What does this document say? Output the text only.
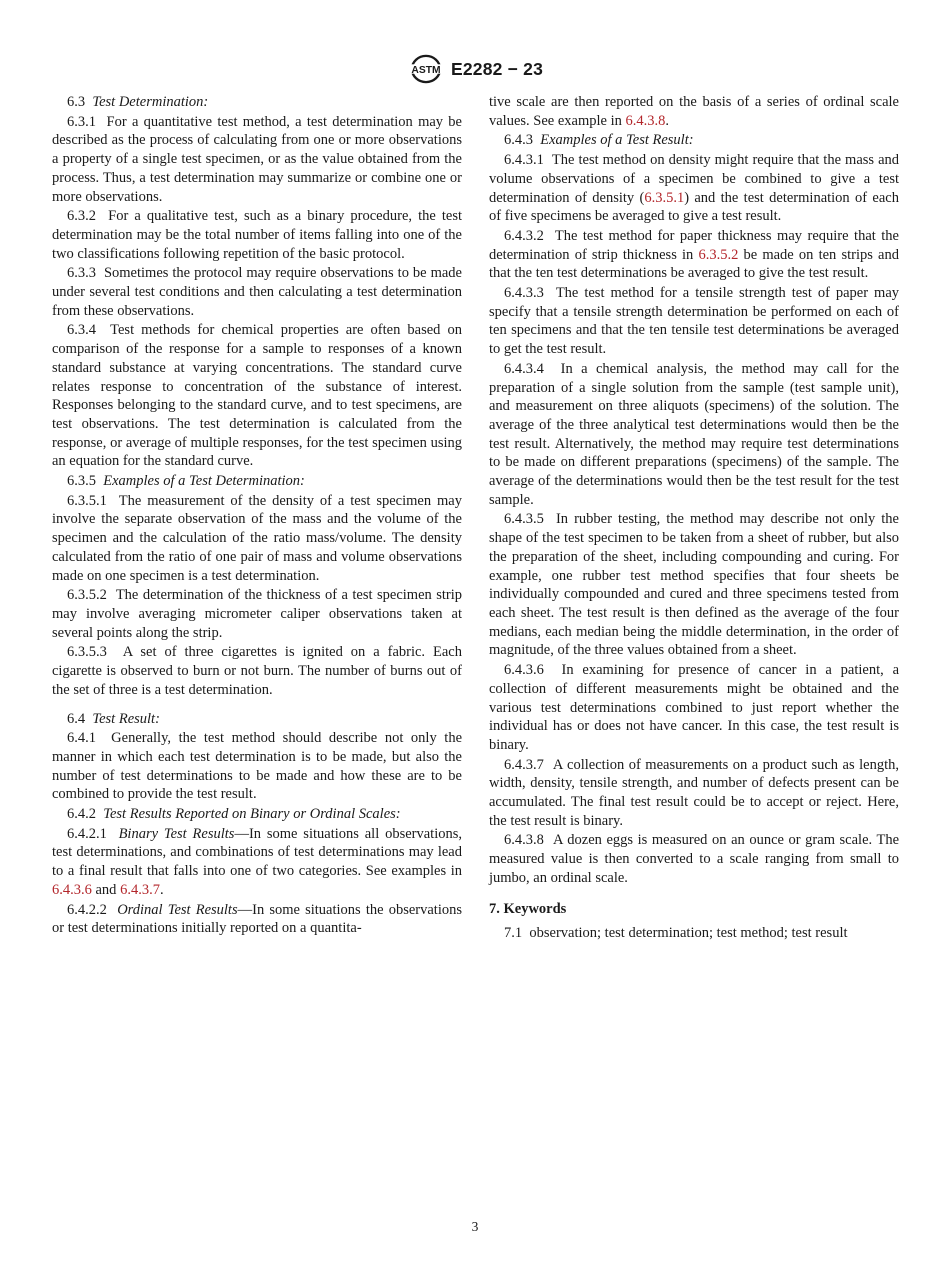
ASTM E2282 − 23

6.3 Test Determination:

6.3.1 For a quantitative test method, a test determination may be described as the process of calculating from one or more observations a property of a single test specimen, or as the value obtained from the process. Thus, a test determination may summarize or combine one or more observations.

6.3.2 For a qualitative test, such as a binary procedure, the test determination may be the total number of items falling into one of the two classifications following repetition of the basic protocol.

6.3.3 Sometimes the protocol may require observations to be made under several test conditions and then calculating a test determination from these observations.

6.3.4 Test methods for chemical properties are often based on comparison of the response for a sample to responses of a known standard substance at varying concentrations. The standard curve relates response to concentration of the substance of interest. Responses belonging to the standard curve, and to test specimens, are test observations. The test determination is calculated from the response, or average of multiple responses, for the test specimen using an equation for the standard curve.

6.3.5 Examples of a Test Determination:

6.3.5.1 The measurement of the density of a test specimen may involve the separate observation of the mass and the volume of the specimen and the calculation of the ratio mass/volume. The density calculated from the ratio of one pair of mass and volume observations made on one specimen is a test determination.

6.3.5.2 The determination of the thickness of a test specimen strip may involve averaging micrometer caliper observations taken at several points along the strip.

6.3.5.3 A set of three cigarettes is ignited on a fabric. Each cigarette is observed to burn or not burn. The number of burns out of the set of three is a test determination.

6.4 Test Result:

6.4.1 Generally, the test method should describe not only the manner in which each test determination is to be made, but also the number of test determinations to be made and how these are to be combined to provide the test result.

6.4.2 Test Results Reported on Binary or Ordinal Scales:

6.4.2.1 Binary Test Results—In some situations all observations, test determinations, and combinations of test determinations may lead to a final result that falls into one of two categories. See examples in 6.4.3.6 and 6.4.3.7.

6.4.2.2 Ordinal Test Results—In some situations the observations or test determinations initially reported on a quantita-

tive scale are then reported on the basis of a series of ordinal scale values. See example in 6.4.3.8.

6.4.3 Examples of a Test Result:

6.4.3.1 The test method on density might require that the mass and volume observations of a specimen be combined to give a test determination of density (6.3.5.1) and the test determination of each of five specimens be averaged to give a test result.

6.4.3.2 The test method for paper thickness may require that the determination of strip thickness in 6.3.5.2 be made on ten strips and that the ten test determinations be averaged to give the test result.

6.4.3.3 The test method for a tensile strength test of paper may specify that a tensile strength determination be performed on each of ten specimens and that the ten tensile test determinations be averaged to get the test result.

6.4.3.4 In a chemical analysis, the method may call for the preparation of a single solution from the sample (test sample unit), and measurement on three aliquots (specimens) of the solution. The average of the three analytical test determinations would then be the test result. Alternatively, the method may require test determinations to be made on different preparations (specimens) of the sample. The average of the determinations would then be the test result for the test sample.

6.4.3.5 In rubber testing, the method may describe not only the shape of the test specimen to be taken from a sheet of rubber, but also the preparation of the sheet, including compounding and curing. For example, one rubber test method specifies that four sheets be individually compounded and cured and three specimens tested from each sheet. The test result is then defined as the average of the four medians, each median being the middle determination, in the order of magnitude, of the three values obtained from a sheet.

6.4.3.6 In examining for presence of cancer in a patient, a collection of different measurements might be obtained and the various test determinations combined to just report whether the individual has or does not have cancer. In this case, the test result is binary.

6.4.3.7 A collection of measurements on a product such as length, width, density, tensile strength, and number of defects present can be accumulated. The final test result could be to accept or reject. Here, the test result is binary.

6.4.3.8 A dozen eggs is measured on an ounce or gram scale. The measured value is then converted to a scale ranging from small to jumbo, an ordinal scale.

7. Keywords

7.1 observation; test determination; test method; test result

3
